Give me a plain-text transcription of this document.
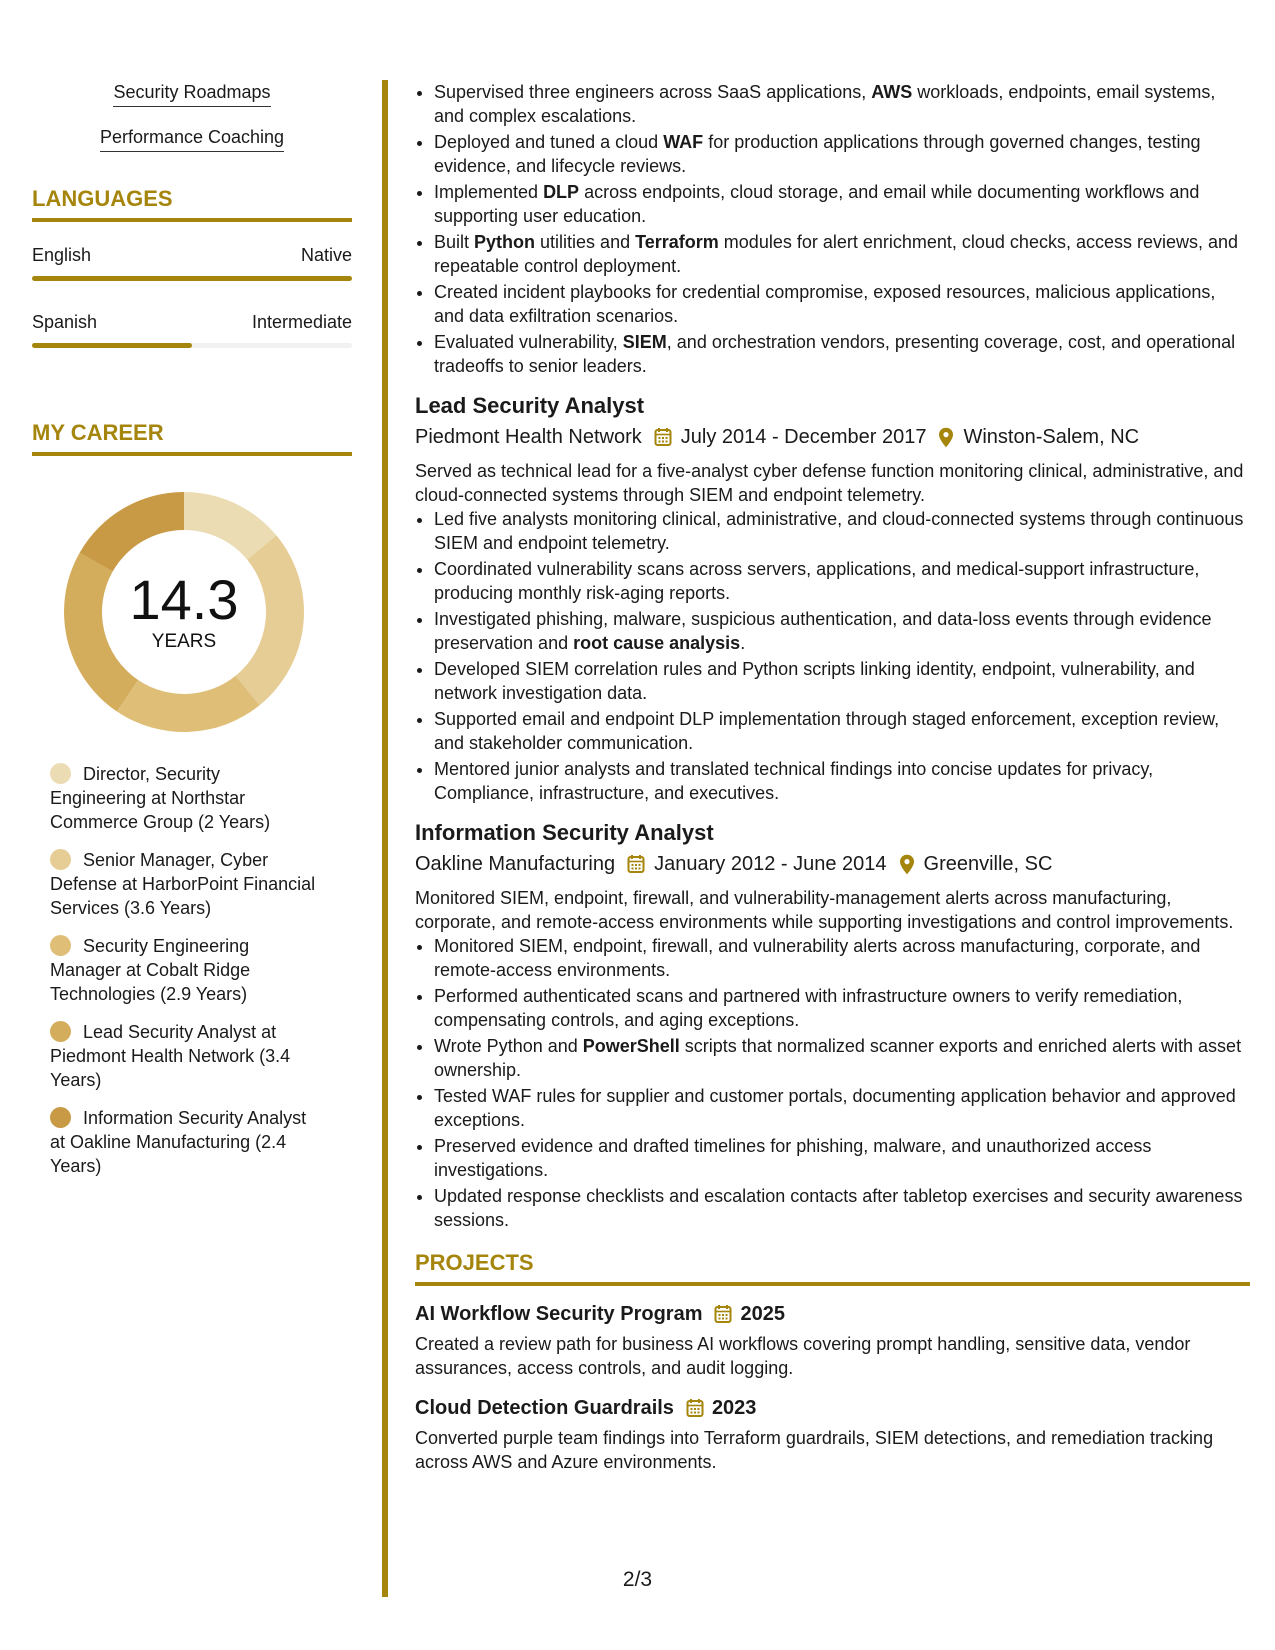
Security Roadmaps
Performance Coaching
LANGUAGES
English	Native
Spanish	Intermediate
MY CAREER
14.3
YEARS
Director, Security Engineering at Northstar Commerce Group (2 Years)
Senior Manager, Cyber Defense at HarborPoint Financial Services (3.6 Years)
Security Engineering Manager at Cobalt Ridge Technologies (2.9 Years)
Lead Security Analyst at Piedmont Health Network (3.4 Years)
Information Security Analyst at Oakline Manufacturing (2.4 Years)
• Supervised three engineers across SaaS applications, AWS workloads, endpoints, email systems, and complex escalations.
• Deployed and tuned a cloud WAF for production applications through governed changes, testing evidence, and lifecycle reviews.
• Implemented DLP across endpoints, cloud storage, and email while documenting workflows and supporting user education.
• Built Python utilities and Terraform modules for alert enrichment, cloud checks, access reviews, and repeatable control deployment.
• Created incident playbooks for credential compromise, exposed resources, malicious applications, and data exfiltration scenarios.
• Evaluated vulnerability, SIEM, and orchestration vendors, presenting coverage, cost, and operational tradeoffs to senior leaders.
Lead Security Analyst
Piedmont Health Network July 2014 - December 2017 Winston-Salem, NC
Served as technical lead for a five-analyst cyber defense function monitoring clinical, administrative, and cloud-connected systems through SIEM and endpoint telemetry.
• Led five analysts monitoring clinical, administrative, and cloud-connected systems through continuous SIEM and endpoint telemetry.
• Coordinated vulnerability scans across servers, applications, and medical-support infrastructure, producing monthly risk-aging reports.
• Investigated phishing, malware, suspicious authentication, and data-loss events through evidence preservation and root cause analysis.
• Developed SIEM correlation rules and Python scripts linking identity, endpoint, vulnerability, and network investigation data.
• Supported email and endpoint DLP implementation through staged enforcement, exception review, and stakeholder communication.
• Mentored junior analysts and translated technical findings into concise updates for privacy, Compliance, infrastructure, and executives.
Information Security Analyst
Oakline Manufacturing January 2012 - June 2014 Greenville, SC
Monitored SIEM, endpoint, firewall, and vulnerability-management alerts across manufacturing, corporate, and remote-access environments while supporting investigations and control improvements.
• Monitored SIEM, endpoint, firewall, and vulnerability alerts across manufacturing, corporate, and remote-access environments.
• Performed authenticated scans and partnered with infrastructure owners to verify remediation, compensating controls, and aging exceptions.
• Wrote Python and PowerShell scripts that normalized scanner exports and enriched alerts with asset ownership.
• Tested WAF rules for supplier and customer portals, documenting application behavior and approved exceptions.
• Preserved evidence and drafted timelines for phishing, malware, and unauthorized access investigations.
• Updated response checklists and escalation contacts after tabletop exercises and security awareness sessions.
PROJECTS
AI Workflow Security Program 2025
Created a review path for business AI workflows covering prompt handling, sensitive data, vendor assurances, access controls, and audit logging.
Cloud Detection Guardrails 2023
Converted purple team findings into Terraform guardrails, SIEM detections, and remediation tracking across AWS and Azure environments.
2/3
